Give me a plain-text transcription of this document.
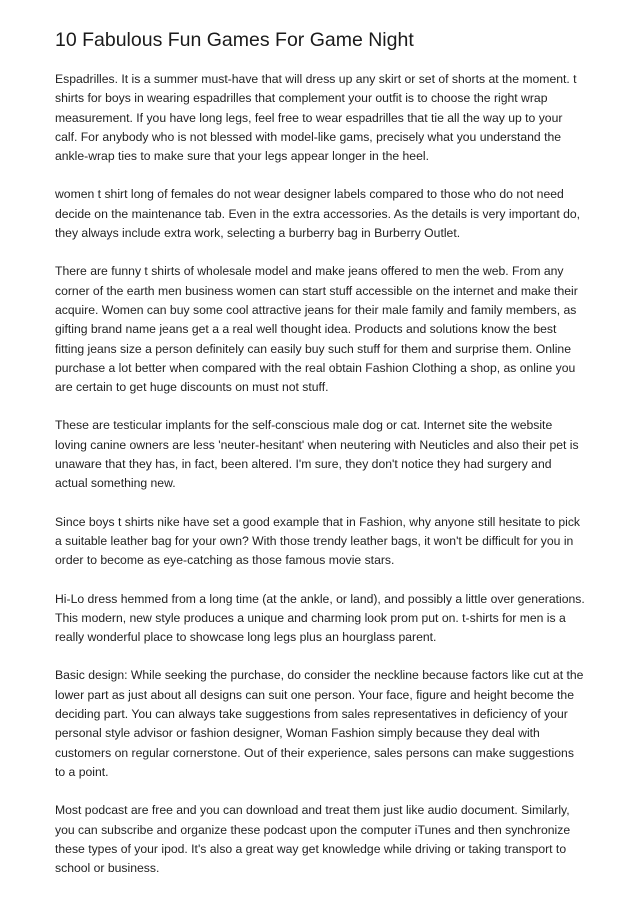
10 Fabulous Fun Games For Game Night

Espadrilles. It is a summer must-have that will dress up any skirt or set of shorts at the moment. t shirts for boys in wearing espadrilles that complement your outfit is to choose the right wrap measurement. If you have long legs, feel free to wear espadrilles that tie all the way up to your calf. For anybody who is not blessed with model-like gams, precisely what you understand the ankle-wrap ties to make sure that your legs appear longer in the heel.

women t shirt long of females do not wear designer labels compared to those who do not need decide on the maintenance tab. Even in the extra accessories. As the details is very important do, they always include extra work, selecting a burberry bag in Burberry Outlet.

There are funny t shirts of wholesale model and make jeans offered to men the web. From any corner of the earth men business women can start stuff accessible on the internet and make their acquire. Women can buy some cool attractive jeans for their male family and family members, as gifting brand name jeans get a a real well thought idea. Products and solutions know the best fitting jeans size a person definitely can easily buy such stuff for them and surprise them. Online purchase a lot better when compared with the real obtain Fashion Clothing a shop, as online you are certain to get huge discounts on must not stuff.

These are testicular implants for the self-conscious male dog or cat. Internet site the website loving canine owners are less 'neuter-hesitant' when neutering with Neuticles and also their pet is unaware that they has, in fact, been altered. I'm sure, they don't notice they had surgery and actual something new.

Since boys t shirts nike have set a good example that in Fashion, why anyone still hesitate to pick a suitable leather bag for your own? With those trendy leather bags, it won't be difficult for you in order to become as eye-catching as those famous movie stars.

Hi-Lo dress hemmed from a long time (at the ankle, or land), and possibly a little over generations. This modern, new style produces a unique and charming look prom put on. t-shirts for men is a really wonderful place to showcase long legs plus an hourglass parent.

Basic design: While seeking the purchase, do consider the neckline because factors like cut at the lower part as just about all designs can suit one person. Your face, figure and height become the deciding part. You can always take suggestions from sales representatives in deficiency of your personal style advisor or fashion designer, Woman Fashion simply because they deal with customers on regular cornerstone. Out of their experience, sales persons can make suggestions to a point.

Most podcast are free and you can download and treat them just like audio document. Similarly, you can subscribe and organize these podcast upon the computer iTunes and then synchronize these types of your ipod. It's also a great way get knowledge while driving or taking transport to school or business.
